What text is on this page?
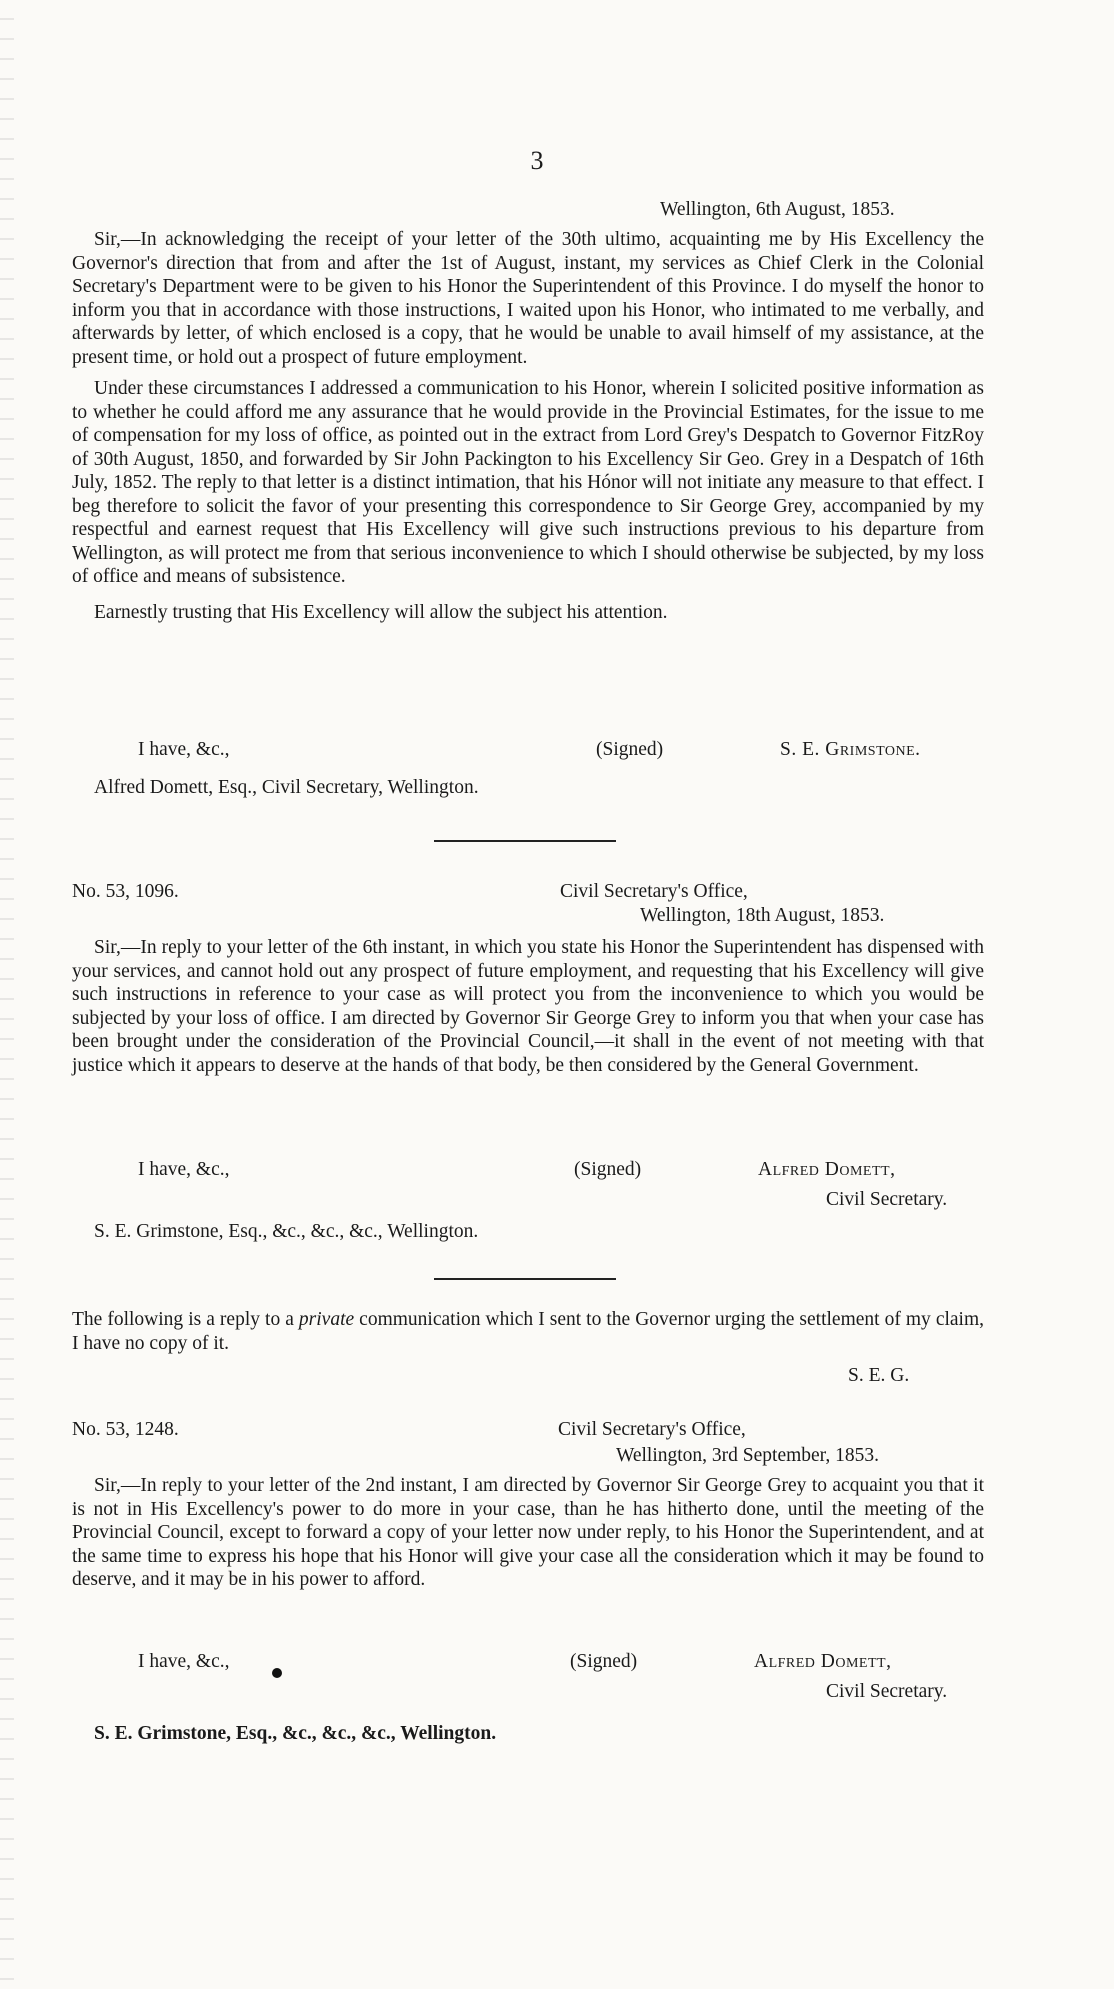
3
Wellington, 6th August, 1853.

Sir,—In acknowledging the receipt of your letter of the 30th ultimo, acquainting me by His Excellency the Governor's direction that from and after the 1st of August, instant, my services as Chief Clerk in the Colonial Secretary's Department were to be given to his Honor the Superintendent of this Province. I do myself the honor to inform you that in accordance with those instructions, I waited upon his Honor, who intimated to me verbally, and afterwards by letter, of which enclosed is a copy, that he would be unable to avail himself of my assistance, at the present time, or hold out a prospect of future employment.

Under these circumstances I addressed a communication to his Honor, wherein I solicited positive information as to whether he could afford me any assurance that he would provide in the Provincial Estimates, for the issue to me of compensation for my loss of office, as pointed out in the extract from Lord Grey's Despatch to Governor FitzRoy of 30th August, 1850, and forwarded by Sir John Packington to his Excellency Sir Geo. Grey in a Despatch of 16th July, 1852. The reply to that letter is a distinct intimation, that his Hónor will not initiate any measure to that effect. I beg therefore to solicit the favor of your presenting this correspondence to Sir George Grey, accompanied by my respectful and earnest request that His Excellency will give such instructions previous to his departure from Wellington, as will protect me from that serious inconvenience to which I should otherwise be subjected, by my loss of office and means of subsistence.

Earnestly trusting that His Excellency will allow the subject his attention.

I have, &c.,	(Signed)	S. E. Grimstone.
Alfred Domett, Esq., Civil Secretary, Wellington.
No. 53, 1096.	Civil Secretary's Office,
Wellington, 18th August, 1853.

Sir,—In reply to your letter of the 6th instant, in which you state his Honor the Superintendent has dispensed with your services, and cannot hold out any prospect of future employment, and requesting that his Excellency will give such instructions in reference to your case as will protect you from the inconvenience to which you would be subjected by your loss of office. I am directed by Governor Sir George Grey to inform you that when your case has been brought under the consideration of the Provincial Council,—it shall in the event of not meeting with that justice which it appears to deserve at the hands of that body, be then considered by the General Government.

I have, &c.,	(Signed)	Alfred Domett,
Civil Secretary.
S. E. Grimstone, Esq., &c., &c., &c., Wellington.

The following is a reply to a private communication which I sent to the Governor urging the settlement of my claim, I have no copy of it.

S. E. G.
No. 53, 1248.	Civil Secretary's Office,
Wellington, 3rd September, 1853.

Sir,—In reply to your letter of the 2nd instant, I am directed by Governor Sir George Grey to acquaint you that it is not in His Excellency's power to do more in your case, than he has hitherto done, until the meeting of the Provincial Council, except to forward a copy of your letter now under reply, to his Honor the Superintendent, and at the same time to express his hope that his Honor will give your case all the consideration which it may be found to deserve, and it may be in his power to afford.

I have, &c.,	(Signed)	Alfred Domett,
Civil Secretary.
S. E. Grimstone, Esq., &c., &c., &c., Wellington.
